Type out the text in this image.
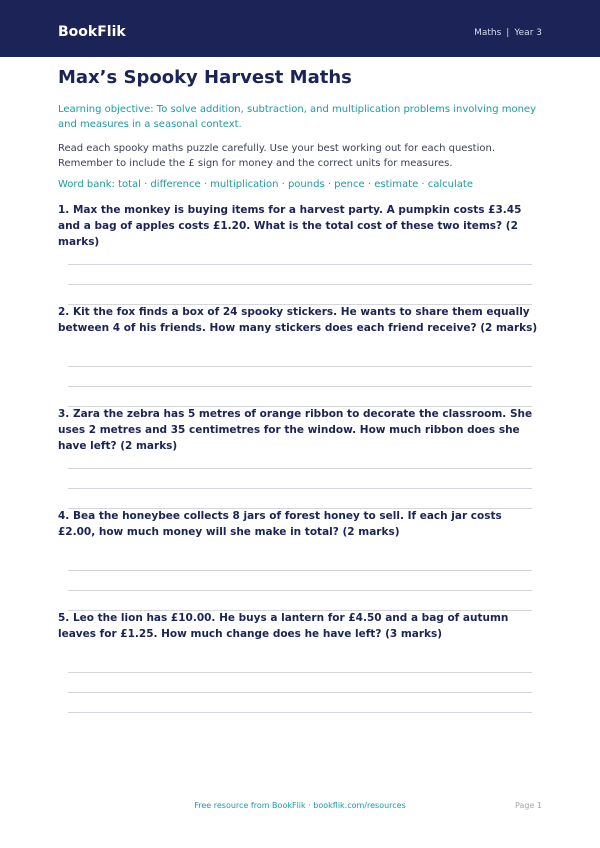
BookFlik	Maths | Year 3
Max’s Spooky Harvest Maths

Learning objective: To solve addition, subtraction, and multiplication problems involving money and measures in a seasonal context.

Read each spooky maths puzzle carefully. Use your best working out for each question. Remember to include the £ sign for money and the correct units for measures.

Word bank: total · difference · multiplication · pounds · pence · estimate · calculate

1. Max the monkey is buying items for a harvest party. A pumpkin costs £3.45 and a bag of apples costs £1.20. What is the total cost of these two items? (2 marks)

2. Kit the fox finds a box of 24 spooky stickers. He wants to share them equally between 4 of his friends. How many stickers does each friend receive? (2 marks)

3. Zara the zebra has 5 metres of orange ribbon to decorate the classroom. She uses 2 metres and 35 centimetres for the window. How much ribbon does she have left? (2 marks)

4. Bea the honeybee collects 8 jars of forest honey to sell. If each jar costs £2.00, how much money will she make in total? (2 marks)

5. Leo the lion has £10.00. He buys a lantern for £4.50 and a bag of autumn leaves for £1.25. How much change does he have left? (3 marks)

Free resource from BookFlik · bookflik.com/resources	Page 1
